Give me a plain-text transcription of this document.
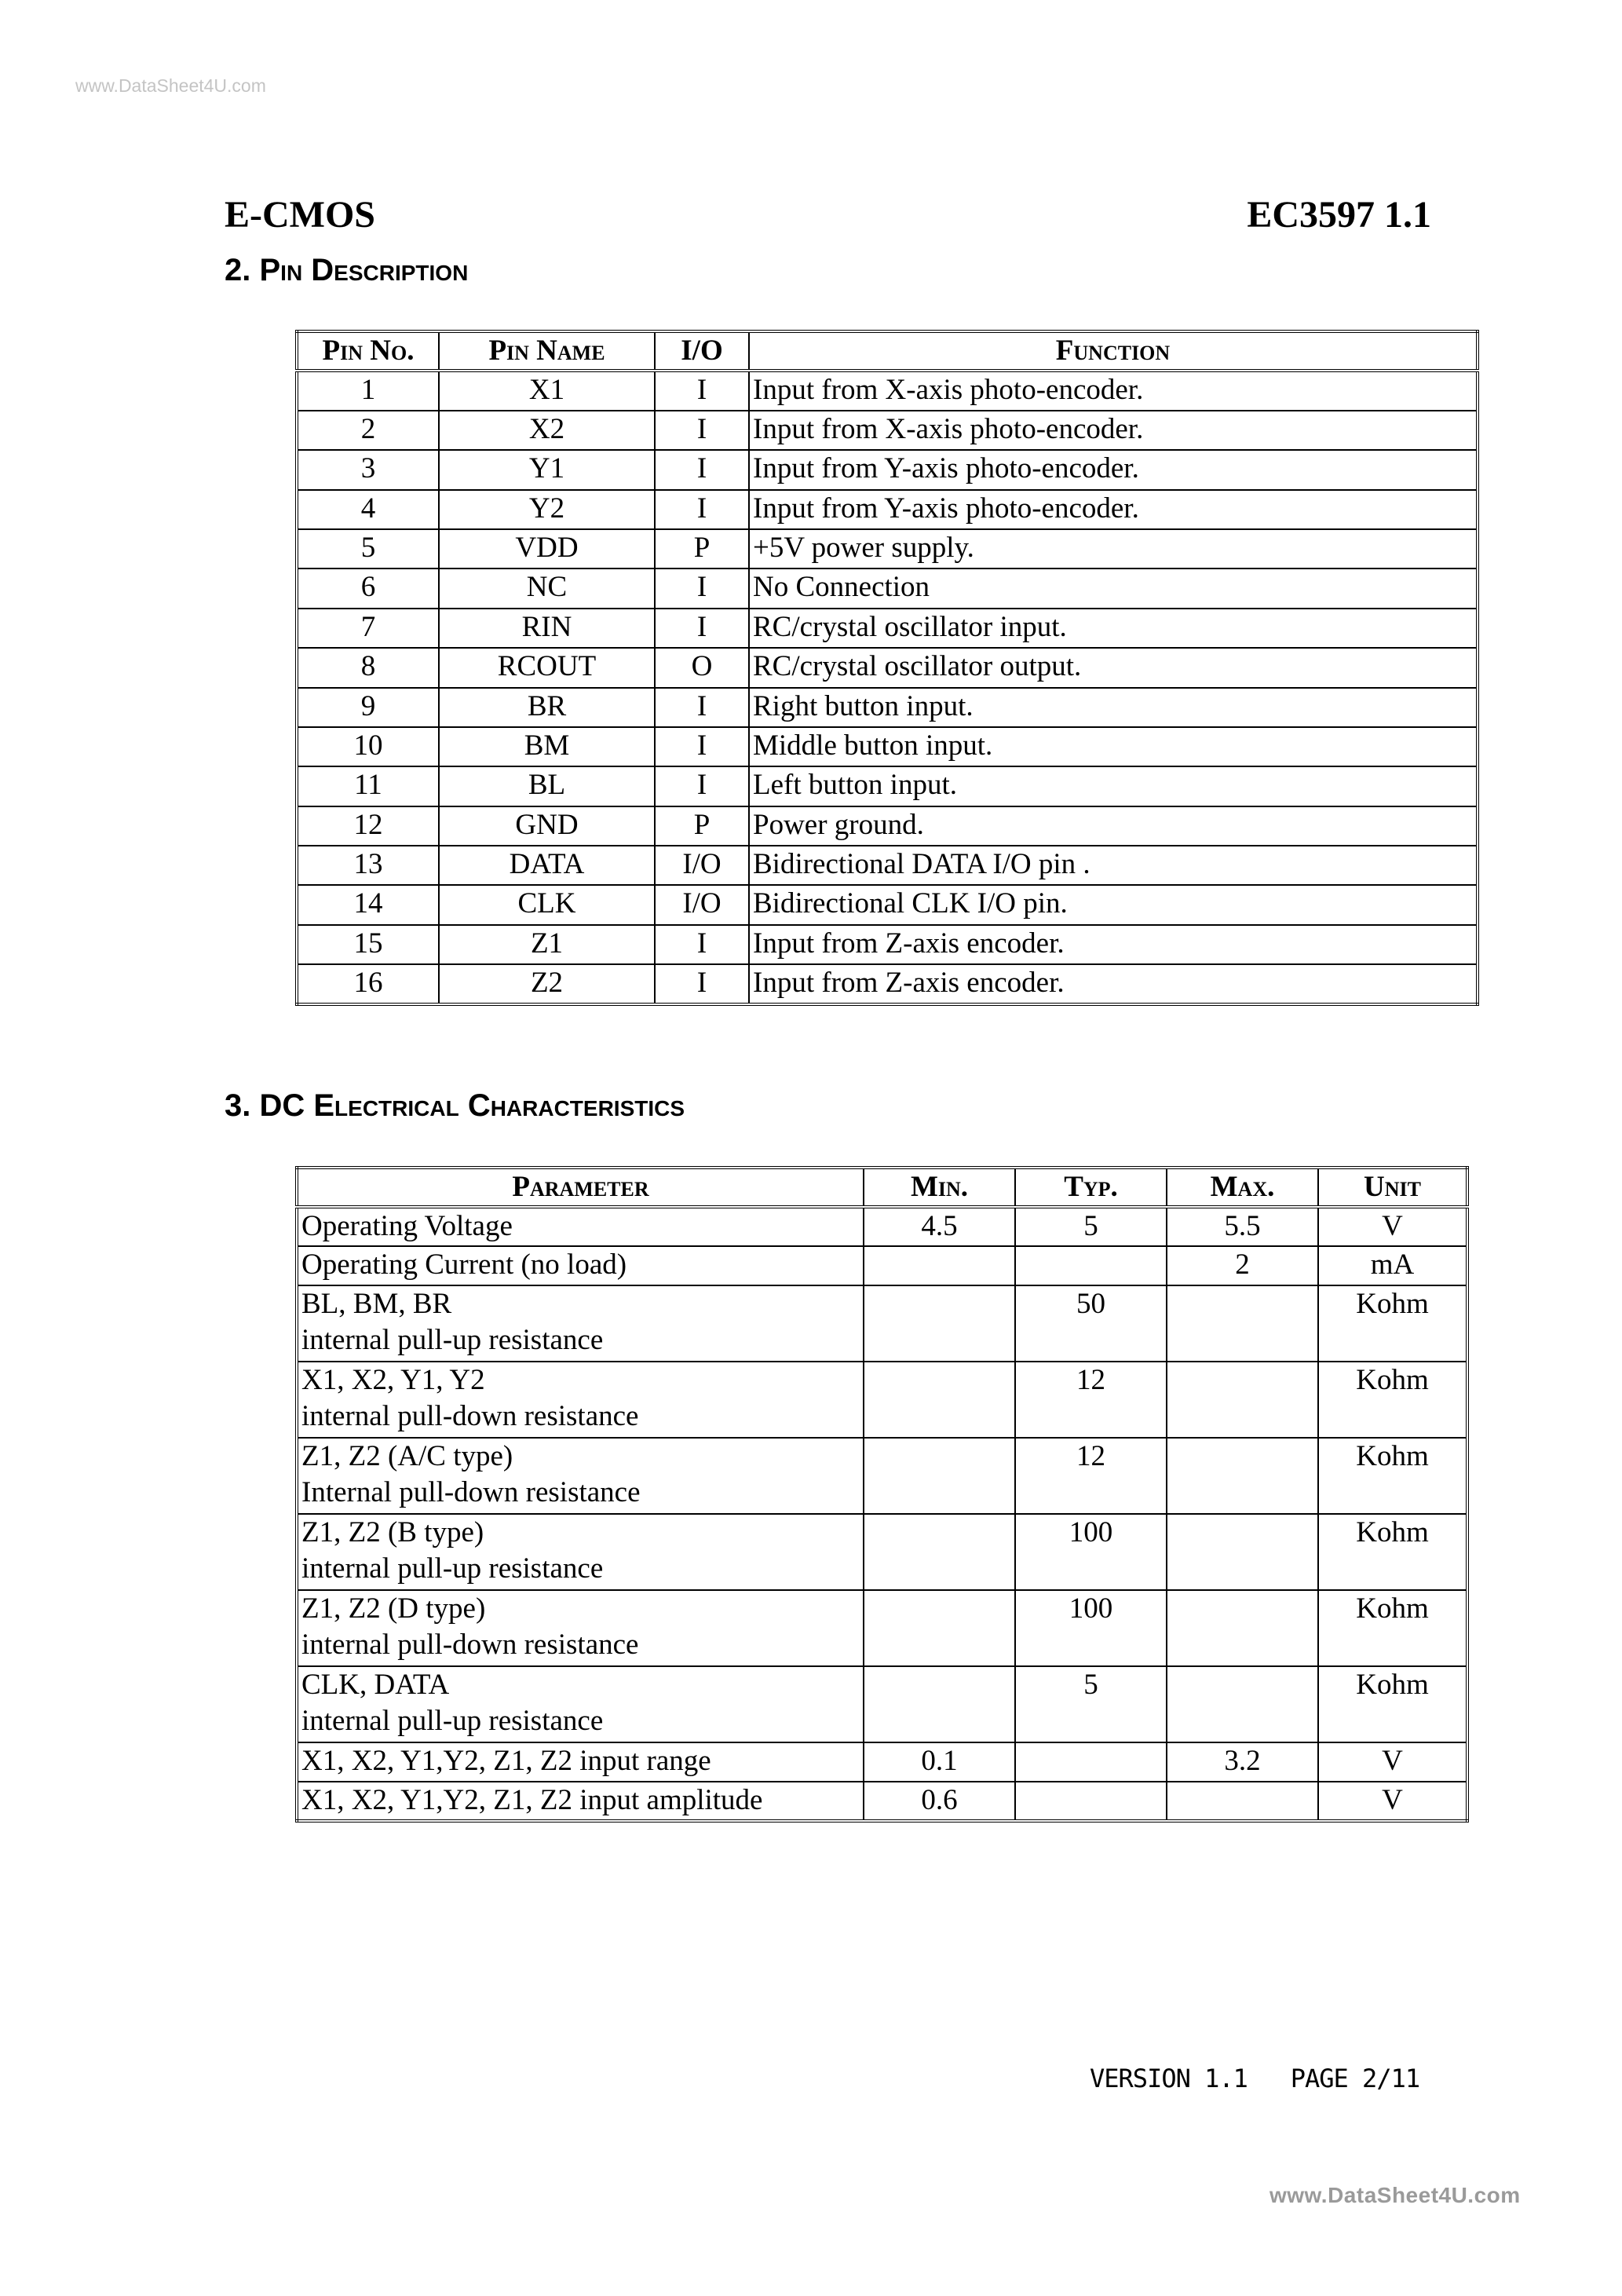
www.DataSheet4U.com
E-CMOS	EC3597 1.1
2. Pin Description
Pin No.	Pin Name	I/O	Function
1	X1	I	Input from X-axis photo-encoder.
2	X2	I	Input from X-axis photo-encoder.
3	Y1	I	Input from Y-axis photo-encoder.
4	Y2	I	Input from Y-axis photo-encoder.
5	VDD	P	+5V power supply.
6	NC	I	No Connection
7	RIN	I	RC/crystal oscillator input.
8	RCOUT	O	RC/crystal oscillator output.
9	BR	I	Right button input.
10	BM	I	Middle button input.
11	BL	I	Left button input.
12	GND	P	Power ground.
13	DATA	I/O	Bidirectional DATA I/O pin .
14	CLK	I/O	Bidirectional CLK I/O pin.
15	Z1	I	Input from Z-axis encoder.
16	Z2	I	Input from Z-axis encoder.
3. DC Electrical Characteristics
Parameter	Min.	Typ.	Max.	Unit

Operating Voltage	4.5	5	5.5	V

Operating Current (no load)			2	mA

BL, BM, BR
internal pull-up resistance		50		Kohm

X1, X2, Y1, Y2
internal pull-down resistance		12		Kohm

Z1, Z2 (A/C type)
Internal pull-down resistance		12		Kohm

Z1, Z2 (B type)
internal pull-up resistance		100		Kohm

Z1, Z2 (D type)
internal pull-down resistance		100		Kohm

CLK, DATA
internal pull-up resistance		5		Kohm

X1, X2, Y1,Y2, Z1, Z2 input range	0.1		3.2	V

X1, X2, Y1,Y2, Z1, Z2 input amplitude	0.6			V
VERSION 1.1   PAGE 2/11
www.DataSheet4U.com
